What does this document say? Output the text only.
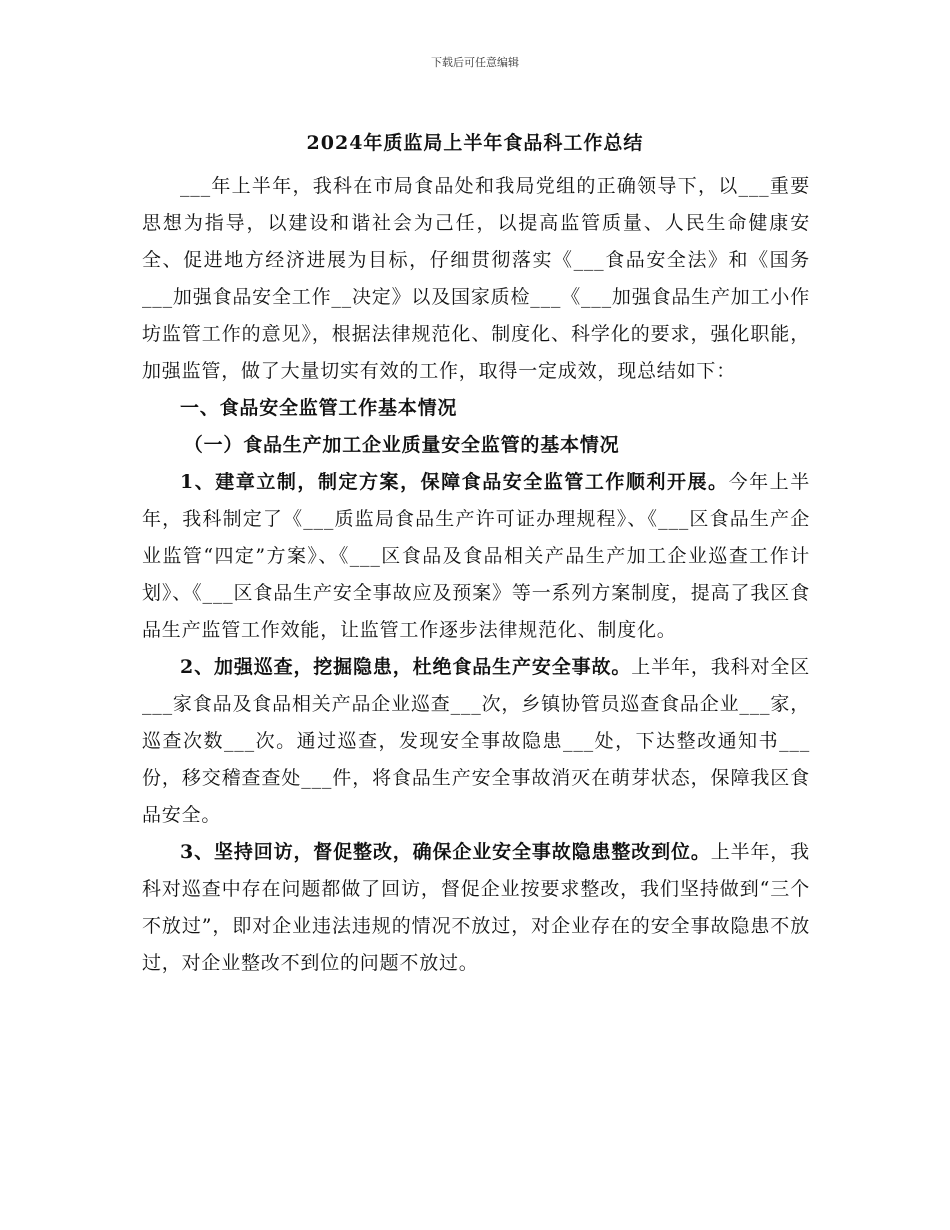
下载后可任意编辑
2024年质监局上半年食品科工作总结

___年上半年，我科在市局食品处和我局党组的正确领导下，以___重要思想为指导，以建设和谐社会为己任，以提高监管质量、人民生命健康安全、促进地方经济进展为目标，仔细贯彻落实《___食品安全法》和《国务___加强食品安全工作__决定》以及国家质检___《___加强食品生产加工小作坊监管工作的意见》，根据法律规范化、制度化、科学化的要求，强化职能，加强监管，做了大量切实有效的工作，取得一定成效，现总结如下：

一、食品安全监管工作基本情况

（一）食品生产加工企业质量安全监管的基本情况

1、建章立制，制定方案，保障食品安全监管工作顺利开展。今年上半年，我科制定了《___质监局食品生产许可证办理规程》、《___区食品生产企业监管“四定”方案》、《___区食品及食品相关产品生产加工企业巡查工作计划》、《___区食品生产安全事故应及预案》等一系列方案制度，提高了我区食品生产监管工作效能，让监管工作逐步法律规范化、制度化。

2、加强巡查，挖掘隐患，杜绝食品生产安全事故。上半年，我科对全区___家食品及食品相关产品企业巡查___次，乡镇协管员巡查食品企业___家，巡查次数___次。通过巡查，发现安全事故隐患___处，下达整改通知书___份，移交稽查查处___件，将食品生产安全事故消灭在萌芽状态，保障我区食品安全。

3、坚持回访，督促整改，确保企业安全事故隐患整改到位。上半年，我科对巡查中存在问题都做了回访，督促企业按要求整改，我们坚持做到“三个不放过”，即对企业违法违规的情况不放过，对企业存在的安全事故隐患不放过，对企业整改不到位的问题不放过。
